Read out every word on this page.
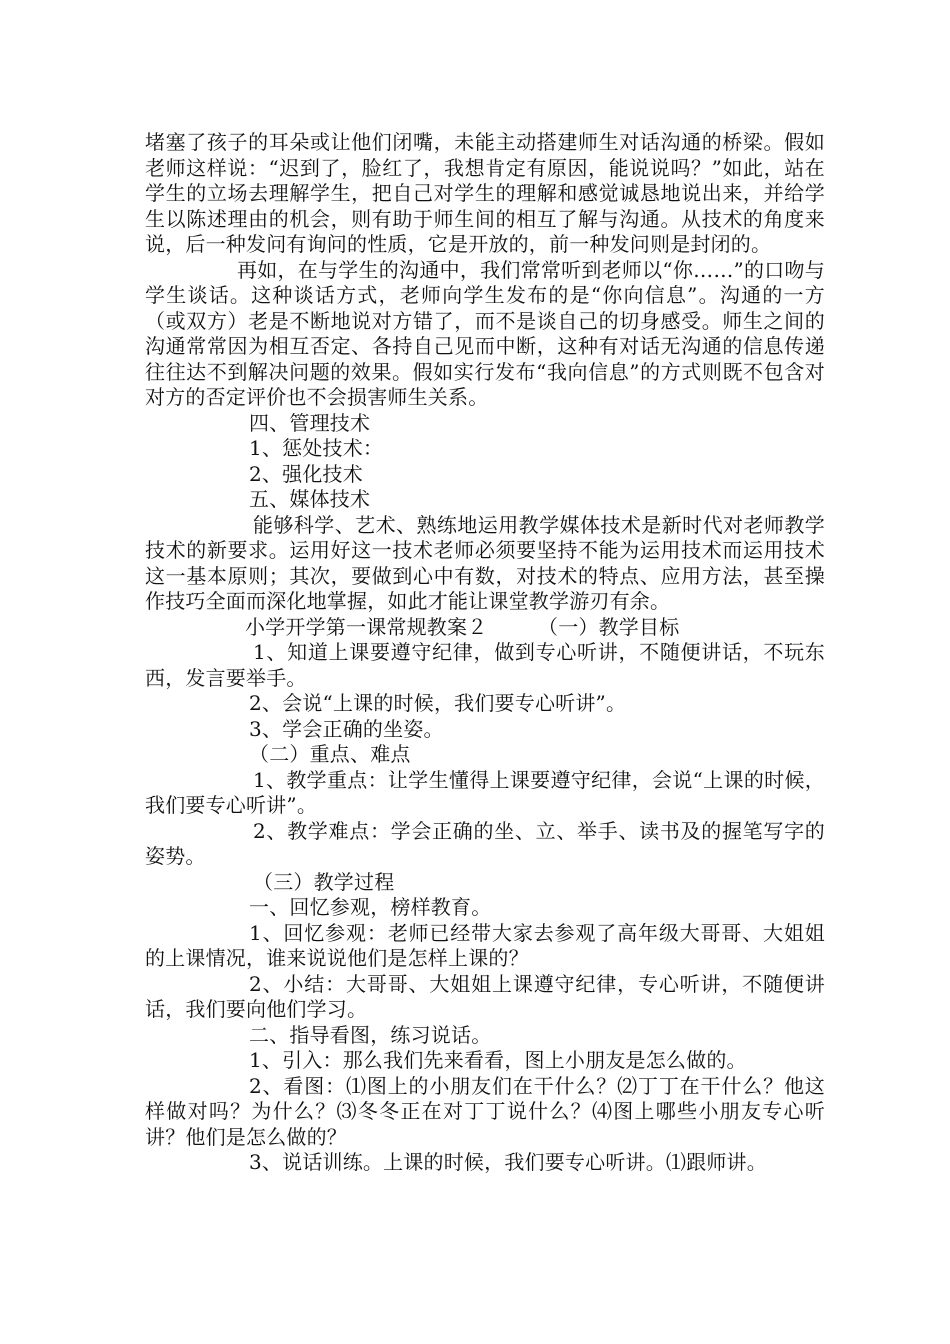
堵塞了孩子的耳朵或让他们闭嘴，未能主动搭建师生对话沟通的桥梁。假如老师这样说：“迟到了，脸红了，我想肯定有原因，能说说吗？”如此，站在学生的立场去理解学生，把自己对学生的理解和感觉诚恳地说出来，并给学生以陈述理由的机会，则有助于师生间的相互了解与沟通。从技术的角度来说，后一种发问有询问的性质，它是开放的，前一种发问则是封闭的。

再如，在与学生的沟通中，我们常常听到老师以“你……”的口吻与学生谈话。这种谈话方式，老师向学生发布的是“你向信息”。沟通的一方（或双方）老是不断地说对方错了，而不是谈自己的切身感受。师生之间的沟通常常因为相互否定、各持自己见而中断，这种有对话无沟通的信息传递往往达不到解决问题的效果。假如实行发布“我向信息”的方式则既不包含对对方的否定评价也不会损害师生关系。

四、管理技术

1、惩处技术：

2、强化技术

五、媒体技术

能够科学、艺术、熟练地运用教学媒体技术是新时代对老师教学技术的新要求。运用好这一技术老师必须要坚持不能为运用技术而运用技术这一基本原则；其次，要做到心中有数，对技术的特点、应用方法，甚至操作技巧全面而深化地掌握，如此才能让课堂教学游刃有余。

小学开学第一课常规教案２　　　（一）教学目标

1、知道上课要遵守纪律，做到专心听讲，不随便讲话，不玩东西，发言要举手。

2、会说“上课的时候，我们要专心听讲”。

3、学会正确的坐姿。

（二）重点、难点

1、教学重点：让学生懂得上课要遵守纪律，会说“上课的时候，我们要专心听讲”。

2、教学难点：学会正确的坐、立、举手、读书及的握笔写字的姿势。

（三）教学过程

一、回忆参观，榜样教育。

1、回忆参观：老师已经带大家去参观了高年级大哥哥、大姐姐的上课情况，谁来说说他们是怎样上课的？

2、小结：大哥哥、大姐姐上课遵守纪律，专心听讲，不随便讲话，我们要向他们学习。

二、指导看图，练习说话。

1、引入：那么我们先来看看，图上小朋友是怎么做的。

2、看图：⑴图上的小朋友们在干什么？⑵丁丁在干什么？他这样做对吗？为什么？⑶冬冬正在对丁丁说什么？⑷图上哪些小朋友专心听讲？他们是怎么做的？

3、说话训练。上课的时候，我们要专心听讲。⑴跟师讲。
